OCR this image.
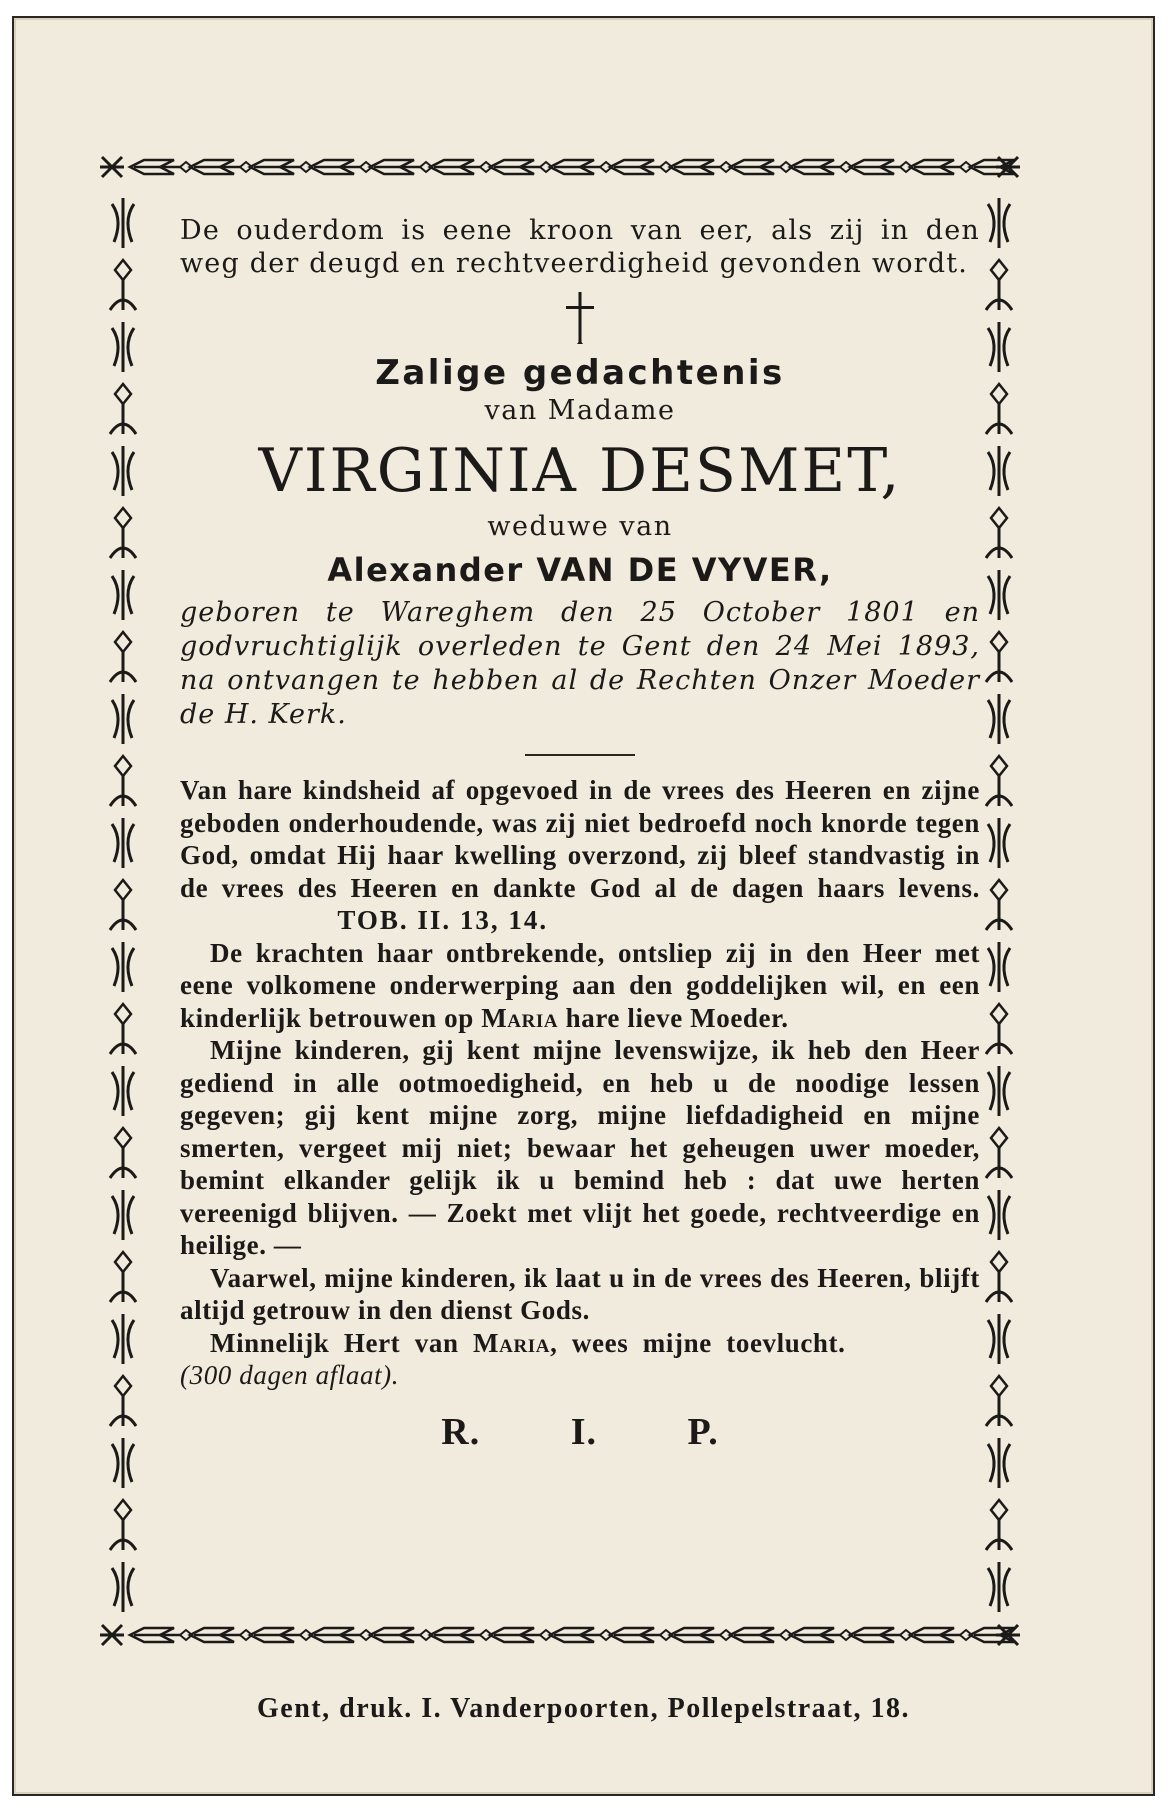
De ouderdom is eene kroon van eer, als zij in den weg der deugd en rechtveerdigheid gevonden wordt.

Zalige gedachtenis

van Madame

VIRGINIA DESMET,

weduwe van

Alexander VAN DE VYVER,

geboren te Wareghem den 25 October 1801 en godvruchtiglijk overleden te Gent den 24 Mei 1893, na ontvangen te hebben al de Rechten Onzer Moeder de H. Kerk.

Van hare kindsheid af opgevoed in de vrees des Heeren en zijne geboden onderhoudende, was zij niet bedroefd noch knorde tegen God, omdat Hij haar kwelling overzond, zij bleef standvastig in de vrees des Heeren en dankte God al de dagen haars levens.  TOB. II. 13, 14.

De krachten haar ontbrekende, ontsliep zij in den Heer met eene volkomene onderwerping aan den goddelijken wil, en een kinderlijk betrouwen op Maria hare lieve Moeder.

Mijne kinderen, gij kent mijne levenswijze, ik heb den Heer gediend in alle ootmoedigheid, en heb u de noodige lessen gegeven; gij kent mijne zorg, mijne liefdadigheid en mijne smerten, vergeet mij niet; bewaar het geheugen uwer moeder, bemint elkander gelijk ik u bemind heb : dat uwe herten vereenigd blijven. — Zoekt met vlijt het goede, rechtveerdige en heilige. —

Vaarwel, mijne kinderen, ik laat u in de vrees des Heeren, blijft altijd getrouw in den dienst Gods.

Minnelijk Hert van Maria, wees mijne toevlucht.  (300 dagen aflaat).

R. I. P.

Gent, druk. I. Vanderpoorten, Pollepelstraat, 18.
